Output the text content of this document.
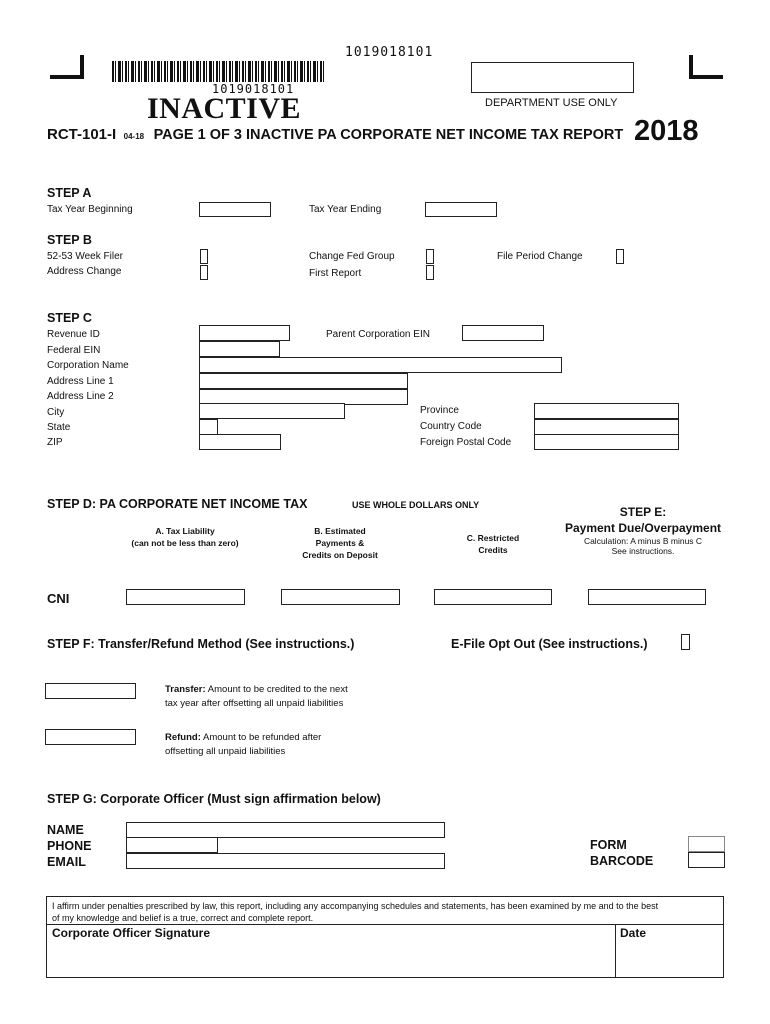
1019018101
1019018101
DEPARTMENT USE ONLY
INACTIVE
RCT-101-I 04-18 PAGE 1 OF 3 INACTIVE PA CORPORATE NET INCOME TAX REPORT 2018
STEP A
Tax Year Beginning	Tax Year Ending
STEP B
52-53 Week Filer
Address Change
Change Fed Group
First Report
File Period Change
STEP C
Revenue ID	Parent Corporation EIN
Federal EIN
Corporation Name
Address Line 1
Address Line 2
City
State
ZIP
Province
Country Code
Foreign Postal Code
STEP D: PA CORPORATE NET INCOME TAX	USE WHOLE DOLLARS ONLY
A. Tax Liability
(can not be less than zero)
B. Estimated
Payments &
Credits on Deposit
C. Restricted
Credits
STEP E:
Payment Due/Overpayment
Calculation: A minus B minus C
See instructions.
CNI
STEP F: Transfer/Refund Method (See instructions.)	E-File Opt Out (See instructions.)
Transfer: Amount to be credited to the next
tax year after offsetting all unpaid liabilities
Refund: Amount to be refunded after
offsetting all unpaid liabilities
STEP G: Corporate Officer (Must sign affirmation below)
NAME
PHONE
EMAIL
FORM
BARCODE
I affirm under penalties prescribed by law, this report, including any accompanying schedules and statements, has been examined by me and to the best
of my knowledge and belief is a true, correct and complete report.
Corporate Officer Signature	Date
